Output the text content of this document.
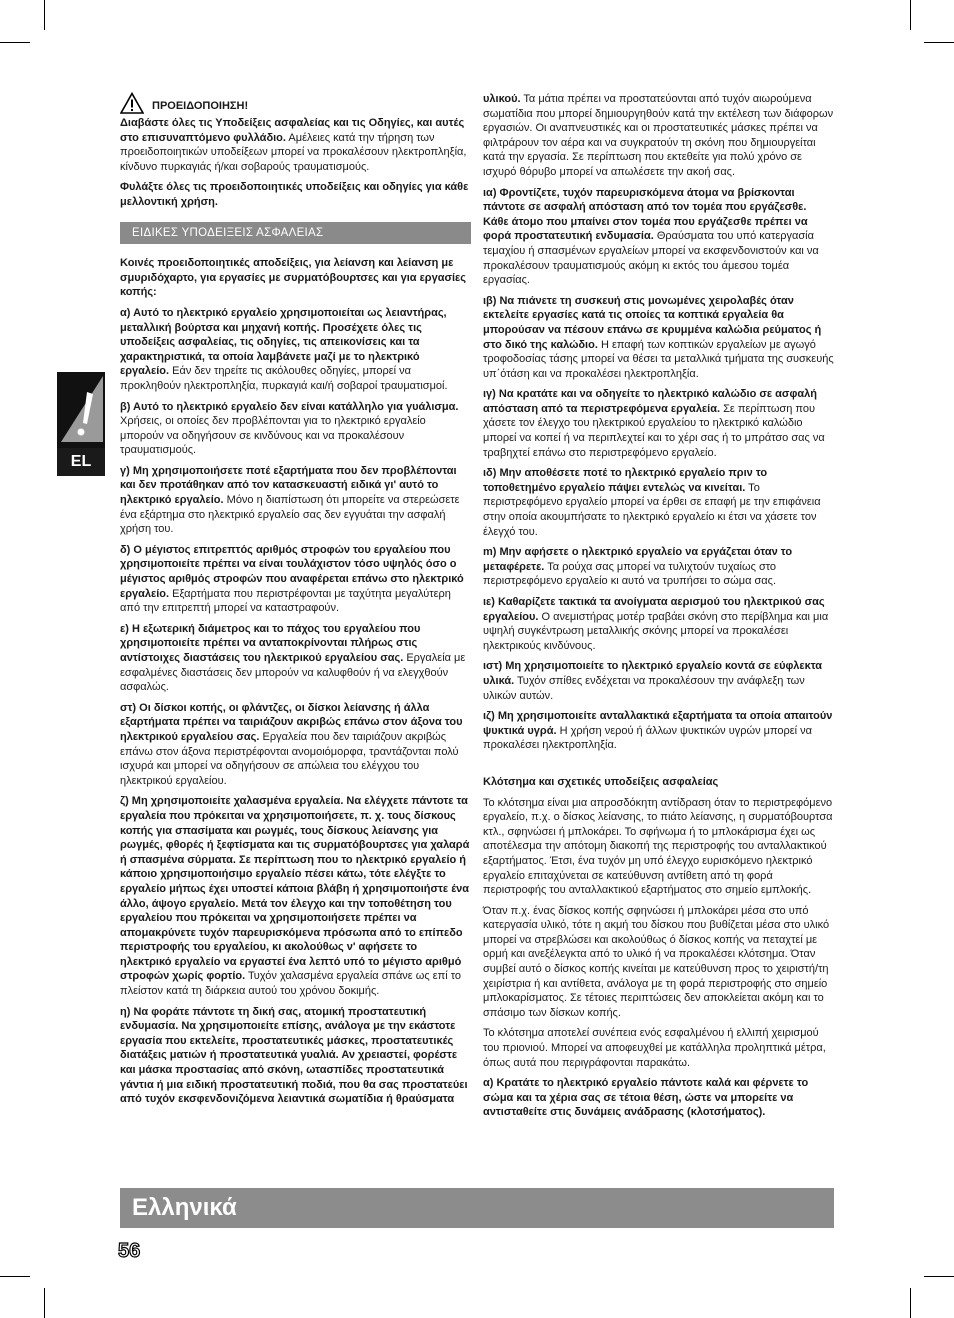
EL
ΠΡΟΕΙΔΟΠΟΙΗΣΗ!

Διαβάστε όλες τις Υποδείξεις ασφαλείας και τις Οδηγίες, και αυτές στο επισυναπτόμενο φυλλάδιο. Αμέλειες κατά την τήρηση των προειδοποιητικών υποδείξεων μπορεί να προκαλέσουν ηλεκτροπληξία, κίνδυνο πυρκαγιάς ή/και σοβαρούς τραυματισμούς.

Φυλάξτε όλες τις προειδοποιητικές υποδείξεις και οδηγίες για κάθε μελλοντική χρήση.

ΕΙΔΙΚΕΣ ΥΠΟΔΕΙΞΕΙΣ ΑΣΦΑΛΕΙΑΣ

Κοινές προειδοποιητικές αποδείξεις, για λείανση και λείανση με σμυριδόχαρτο, για εργασίες με συρματόβουρτσες και για εργασίες κοπής:

α) Αυτό το ηλεκτρικό εργαλείο χρησιμοποιείται ως λειαντήρας, μεταλλική βούρτσα και μηχανή κοπής. Προσέχετε όλες τις υποδείξεις ασφαλείας, τις οδηγίες, τις απεικονίσεις και τα χαρακτηριστικά, τα οποία λαμβάνετε μαζί με το ηλεκτρικό εργαλείο. Εάν δεν τηρείτε τις ακόλουθες οδηγίες, μπορεί να προκληθούν ηλεκτροπληξία, πυρκαγιά και/ή σοβαροί τραυματισμοί.

β) Αυτό το ηλεκτρικό εργαλείο δεν είναι κατάλληλο για γυάλισμα. Χρήσεις, οι οποίες δεν προβλέπονται για το ηλεκτρικό εργαλείο μπορούν να οδηγήσουν σε κινδύνους και να προκαλέσουν τραυματισμούς.

γ) Μη χρησιμοποιήσετε ποτέ εξαρτήματα που δεν προβλέπονται και δεν προτάθηκαν από τον κατασκευαστή ειδικά γι' αυτό το ηλεκτρικό εργαλείο. Μόνο η διαπίστωση ότι μπορείτε να στερεώσετε ένα εξάρτημα στο ηλεκτρικό εργαλείο σας δεν εγγυάται την ασφαλή χρήση του.

δ) Ο μέγιστος επιτρεπτός αριθμός στροφών του εργαλείου που χρησιμοποιείτε πρέπει να είναι τουλάχιστον τόσο υψηλός όσο ο μέγιστος αριθμός στροφών που αναφέρεται επάνω στο ηλεκτρικό εργαλείο. Εξαρτήματα που περιστρέφονται με ταχύτητα μεγαλύτερη από την επιτρεπτή μπορεί να καταστραφούν.

ε) Η εξωτερική διάμετρος και το πάχος του εργαλείου που χρησιμοποιείτε πρέπει να ανταποκρίνονται πλήρως στις αντίστοιχες διαστάσεις του ηλεκτρικού εργαλείου σας. Εργαλεία με εσφαλμένες διαστάσεις δεν μπορούν να καλυφθούν ή να ελεγχθούν ασφαλώς.

στ) Οι δίσκοι κοπής, οι φλάντζες, οι δίσκοι λείανσης ή άλλα εξαρτήματα πρέπει να ταιριάζουν ακριβώς επάνω στον άξονα του ηλεκτρικού εργαλείου σας. Εργαλεία που δεν ταιριάζουν ακριβώς επάνω στον άξονα περιστρέφονται ανομοιόμορφα, τραντάζονται πολύ ισχυρά και μπορεί να οδηγήσουν σε απώλεια του ελέγχου του ηλεκτρικού εργαλείου.

ζ) Μη χρησιμοποιείτε χαλασμένα εργαλεία. Να ελέγχετε πάντοτε τα εργαλεία που πρόκειται να χρησιμοποιήσετε, π. χ. τους δίσκους κοπής για σπασίματα και ρωγμές, τους δίσκους λείανσης για ρωγμές, φθορές ή ξεφτίσματα και τις συρματόβουρτσες για χαλαρά ή σπασμένα σύρματα. Σε περίπτωση που το ηλεκτρικό εργαλείο ή κάποιο χρησιμοποιήσιμο εργαλείο πέσει κάτω, τότε ελέγξτε το εργαλείο μήπως έχει υποστεί κάποια βλάβη ή χρησιμοποιήστε ένα άλλο, άψογο εργαλείο. Μετά τον έλεγχο και την τοποθέτηση του εργαλείου που πρόκειται να χρησιμοποιήσετε πρέπει να απομακρύνετε τυχόν παρευρισκόμενα πρόσωπα από το επίπεδο περιστροφής του εργαλείου, κι ακολούθως ν' αφήσετε το ηλεκτρικό εργαλείο να εργαστεί ένα λεπτό υπό το μέγιστο αριθμό στροφών χωρίς φορτίο. Τυχόν χαλασμένα εργαλεία σπάνε ως επί το πλείστον κατά τη διάρκεια αυτού του χρόνου δοκιμής.

η) Να φοράτε πάντοτε τη δική σας, ατομική προστατευτική ενδυμασία. Να χρησιμοποιείτε επίσης, ανάλογα με την εκάστοτε εργασία που εκτελείτε, προστατευτικές μάσκες, προστατευτικές διατάξεις ματιών ή προστατευτικά γυαλιά. Αν χρειαστεί, φορέστε και μάσκα προστασίας από σκόνη, ωτασπίδες προστατευτικά γάντια ή μια ειδική προστατευτική ποδιά, που θα σας προστατεύει από τυχόν εκσφενδονιζόμενα λειαντικά σωματίδια ή θραύσματα

υλικού. Τα μάτια πρέπει να προστατεύονται από τυχόν αιωρούμενα σωματίδια που μπορεί δημιουργηθούν κατά την εκτέλεση των διάφορων εργασιών. Οι αναπνευστικές και οι προστατευτικές μάσκες πρέπει να φιλτράρουν τον αέρα και να συγκρατούν τη σκόνη που δημιουργείται κατά την εργασία. Σε περίπτωση που εκτεθείτε για πολύ χρόνο σε ισχυρό θόρυβο μπορεί να απωλέσετε την ακοή σας.

ια) Φροντίζετε, τυχόν παρευρισκόμενα άτομα να βρίσκονται πάντοτε σε ασφαλή απόσταση από τον τομέα που εργάζεσθε. Κάθε άτομο που μπαίνει στον τομέα που εργάζεσθε πρέπει να φορά προστατευτική ενδυμασία. Θραύσματα του υπό κατεργασία τεμαχίου ή σπασμένων εργαλείων μπορεί να εκσφενδονιστούν και να προκαλέσουν τραυματισμούς ακόμη κι εκτός του άμεσου τομέα εργασίας.

ιβ) Να πιάνετε τη συσκευή στις μονωμένες χειρολαβές όταν εκτελείτε εργασίες κατά τις οποίες τα κοπτικά εργαλεία θα μπορούσαν να πέσουν επάνω σε κρυμμένα καλώδια ρεύματος ή στο δικό της καλώδιο. Η επαφή των κοπτικών εργαλείων με αγωγό τροφοδοσίας τάσης μπορεί να θέσει τα μεταλλικά τμήματα της συσκευής υπ΄ότάση και να προκαλέσει ηλεκτροπληξία.

ιγ) Να κρατάτε και να οδηγείτε το ηλεκτρικό καλώδιο σε ασφαλή απόσταση από τα περιστρεφόμενα εργαλεία. Σε περίπτωση που χάσετε τον έλεγχο του ηλεκτρικού εργαλείου το ηλεκτρικό καλώδιο μπορεί να κοπεί ή να περιπλεχτεί και το χέρι σας ή το μπράτσο σας να τραβηχτεί επάνω στο περιστρεφόμενο εργαλείο.

ιδ) Μην αποθέσετε ποτέ το ηλεκτρικό εργαλείο πριν το τοποθετημένο εργαλείο πάψει εντελώς να κινείται. Το περιστρεφόμενο εργαλείο μπορεί να έρθει σε επαφή με την επιφάνεια στην οποία ακουμπήσατε το ηλεκτρικό εργαλείο κι έτσι να χάσετε τον έλεγχό του.

m) Μην αφήσετε ο ηλεκτρικό εργαλείο να εργάζεται όταν το μεταφέρετε. Τα ρούχα σας μπορεί να τυλιχτούν τυχαίως στο περιστρεφόμενο εργαλείο κι αυτό να τρυπήσει το σώμα σας.

ιε) Καθαρίζετε τακτικά τα ανοίγματα αερισμού του ηλεκτρικού σας εργαλείου. Ο ανεμιστήρας μοτέρ τραβάει σκόνη στο περίβλημα και μια υψηλή συγκέντρωση μεταλλικής σκόνης μπορεί να προκαλέσει ηλεκτρικούς κινδύνους.

ιστ) Μη χρησιμοποιείτε το ηλεκτρικό εργαλείο κοντά σε εύφλεκτα υλικά. Τυχόν σπίθες ενδέχεται να προκαλέσουν την ανάφλεξη των υλικών αυτών.

ιζ) Μη χρησιμοποιείτε ανταλλακτικά εξαρτήματα τα οποία απαιτούν ψυκτικά υγρά. Η χρήση νερού ή άλλων ψυκτικών υγρών μπορεί να προκαλέσει ηλεκτροπληξία.

Κλότσημα και σχετικές υποδείξεις ασφαλείας

Το κλότσημα είναι μια απροσδόκητη αντίδραση όταν το περιστρεφόμενο εργαλείο, π.χ. ο δίσκος λείανσης, το πιάτο λείανσης, η συρματόβουρτσα κτλ., σφηνώσει ή μπλοκάρει. Το σφήνωμα ή το μπλοκάρισμα έχει ως αποτέλεσμα την απότομη διακοπή της περιστροφής του ανταλλακτικού εξαρτήματος. Έτσι, ένα τυχόν μη υπό έλεγχο ευρισκόμενο ηλεκτρικό εργαλείο επιταχύνεται σε κατεύθυνση αντίθετη από τη φορά περιστροφής του ανταλλακτικού εξαρτήματος στο σημείο εμπλοκής.

Όταν π.χ. ένας δίσκος κοπής σφηνώσει ή μπλοκάρει μέσα στο υπό κατεργασία υλικό, τότε η ακμή του δίσκου που βυθίζεται μέσα στο υλικό μπορεί να στρεβλώσει και ακολούθως ό δίσκος κοπής να πεταχτεί με ορμή και ανεξέλεγκτα από το υλικό ή να προκαλέσει κλότσημα. Όταν συμβεί αυτό ο δίσκος κοπής κινείται με κατεύθυνση προς το χειριστή/τη χειρίστρια ή και αντίθετα, ανάλογα με τη φορά περιστροφής στο σημείο μπλοκαρίσματος. Σε τέτοιες περιπτώσεις δεν αποκλείεται ακόμη και το σπάσιμο των δίσκων κοπής.

Το κλότσημα αποτελεί συνέπεια ενός εσφαλμένου ή ελλιπή χειρισμού του πριονιού. Μπορεί να αποφευχθεί με κατάλληλα προληπτικά μέτρα, όπως αυτά που περιγράφονται παρακάτω.

α) Κρατάτε το ηλεκτρικό εργαλείο πάντοτε καλά και φέρνετε το σώμα και τα χέρια σας σε τέτοια θέση, ώστε να μπορείτε να αντισταθείτε στις δυνάμεις ανάδρασης (κλοτσήματος).

Ελληνικά
56
